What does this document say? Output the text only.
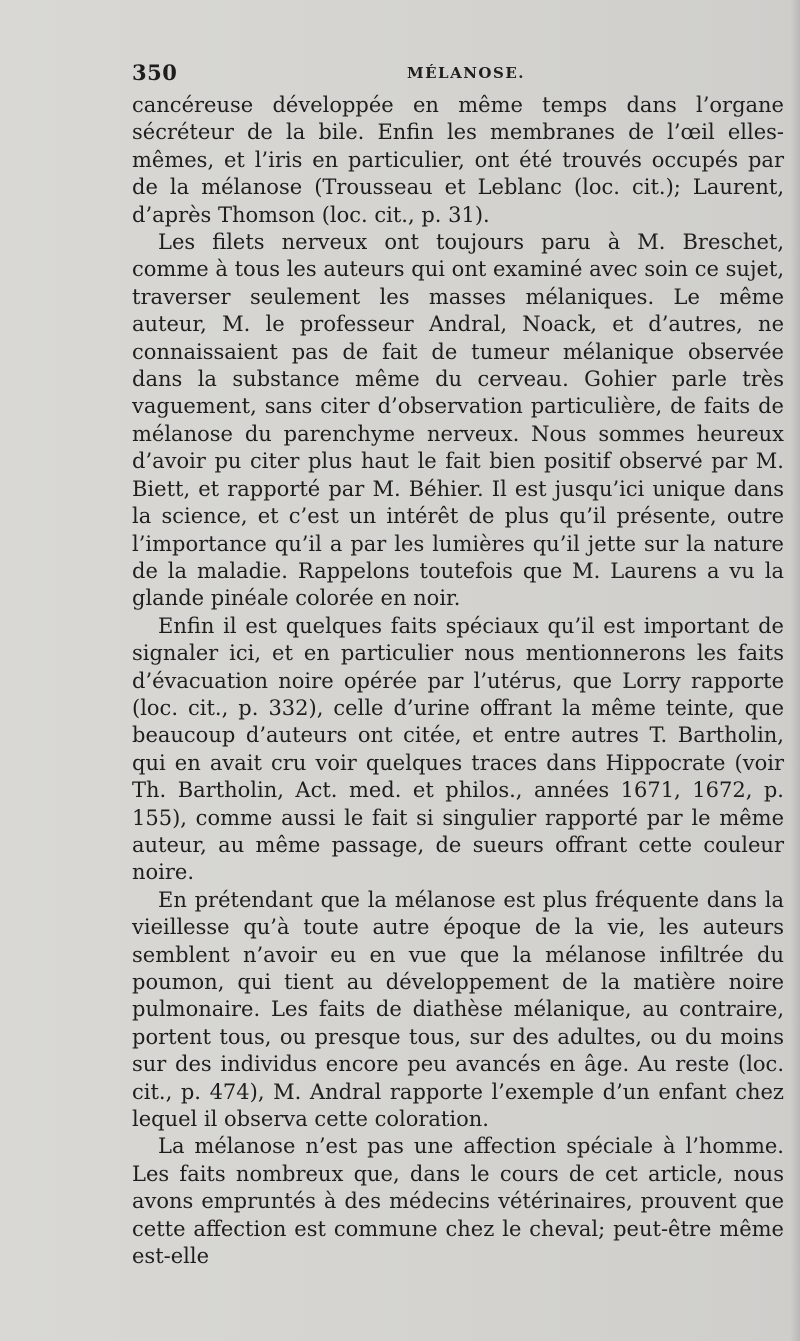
350	MÉLANOSE.

cancéreuse développée en même temps dans l’organe sécréteur de la bile. Enfin les membranes de l’œil elles-mêmes, et l’iris en particulier, ont été trouvés occupés par de la mélanose (Trousseau et Leblanc (loc. cit.); Laurent, d’après Thomson (loc. cit., p. 31).

Les filets nerveux ont toujours paru à M. Breschet, comme à tous les auteurs qui ont examiné avec soin ce sujet, traverser seulement les masses mélaniques. Le même auteur, M. le professeur Andral, Noack, et d’autres, ne connaissaient pas de fait de tumeur mélanique observée dans la substance même du cerveau. Gohier parle très vaguement, sans citer d’observation particulière, de faits de mélanose du parenchyme nerveux. Nous sommes heureux d’avoir pu citer plus haut le fait bien positif observé par M. Biett, et rapporté par M. Béhier. Il est jusqu’ici unique dans la science, et c’est un intérêt de plus qu’il présente, outre l’importance qu’il a par les lumières qu’il jette sur la nature de la maladie. Rappelons toutefois que M. Laurens a vu la glande pinéale colorée en noir.

Enfin il est quelques faits spéciaux qu’il est important de signaler ici, et en particulier nous mentionnerons les faits d’évacuation noire opérée par l’utérus, que Lorry rapporte (loc. cit., p. 332), celle d’urine offrant la même teinte, que beaucoup d’auteurs ont citée, et entre autres T. Bartholin, qui en avait cru voir quelques traces dans Hippocrate (voir Th. Bartholin, Act. med. et philos., années 1671, 1672, p. 155), comme aussi le fait si singulier rapporté par le même auteur, au même passage, de sueurs offrant cette couleur noire.

En prétendant que la mélanose est plus fréquente dans la vieillesse qu’à toute autre époque de la vie, les auteurs semblent n’avoir eu en vue que la mélanose infiltrée du poumon, qui tient au développement de la matière noire pulmonaire. Les faits de diathèse mélanique, au contraire, portent tous, ou presque tous, sur des adultes, ou du moins sur des individus encore peu avancés en âge. Au reste (loc. cit., p. 474), M. Andral rapporte l’exemple d’un enfant chez lequel il observa cette coloration.

La mélanose n’est pas une affection spéciale à l’homme. Les faits nombreux que, dans le cours de cet article, nous avons empruntés à des médecins vétérinaires, prouvent que cette affection est commune chez le cheval; peut-être même est-elle
